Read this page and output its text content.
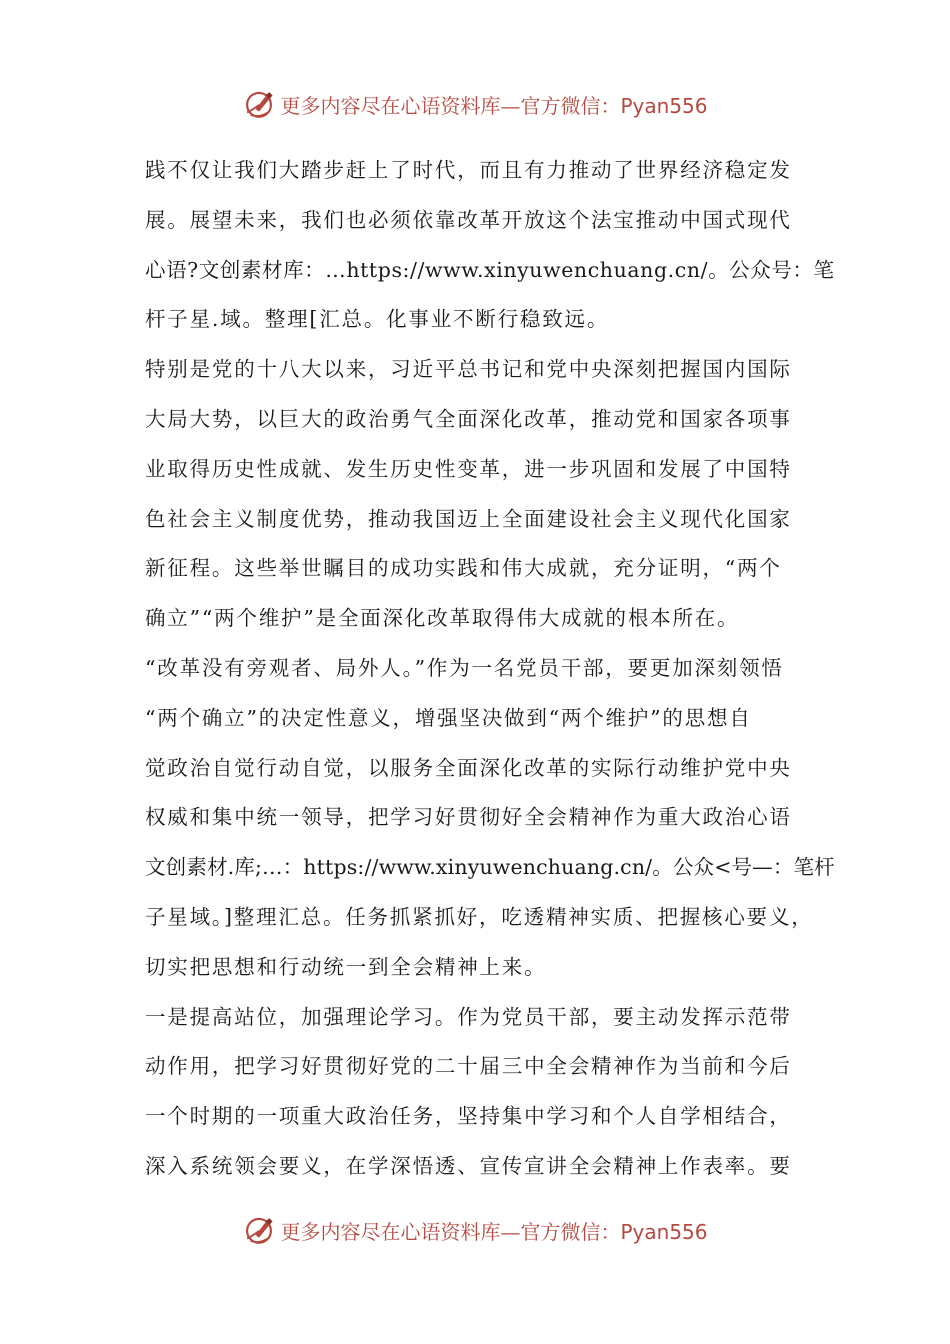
更多内容尽在心语资料库—官方微信：Pyan556
践不仅让我们大踏步赶上了时代，而且有力推动了世界经济稳定发
展。展望未来，我们也必须依靠改革开放这个法宝推动中国式现代
心语?文创素材库：…https://www.xinyuwenchuang.cn/。公众号：笔
杆子星.域。整理[汇总。化事业不断行稳致远。
特别是党的十八大以来，习近平总书记和党中央深刻把握国内国际
大局大势，以巨大的政治勇气全面深化改革，推动党和国家各项事
业取得历史性成就、发生历史性变革，进一步巩固和发展了中国特
色社会主义制度优势，推动我国迈上全面建设社会主义现代化国家
新征程。这些举世瞩目的成功实践和伟大成就，充分证明，“两个
确立”“两个维护”是全面深化改革取得伟大成就的根本所在。
“改革没有旁观者、局外人。”作为一名党员干部，要更加深刻领悟
“两个确立”的决定性意义，增强坚决做到“两个维护”的思想自
觉政治自觉行动自觉，以服务全面深化改革的实际行动维护党中央
权威和集中统一领导，把学习好贯彻好全会精神作为重大政治心语
文创素材.库;…：https://www.xinyuwenchuang.cn/。公众<号—：笔杆
子星域。]整理汇总。任务抓紧抓好，吃透精神实质、把握核心要义，
切实把思想和行动统一到全会精神上来。
一是提高站位，加强理论学习。作为党员干部，要主动发挥示范带
动作用，把学习好贯彻好党的二十届三中全会精神作为当前和今后
一个时期的一项重大政治任务，坚持集中学习和个人自学相结合，
深入系统领会要义，在学深悟透、宣传宣讲全会精神上作表率。要
更多内容尽在心语资料库—官方微信：Pyan556
